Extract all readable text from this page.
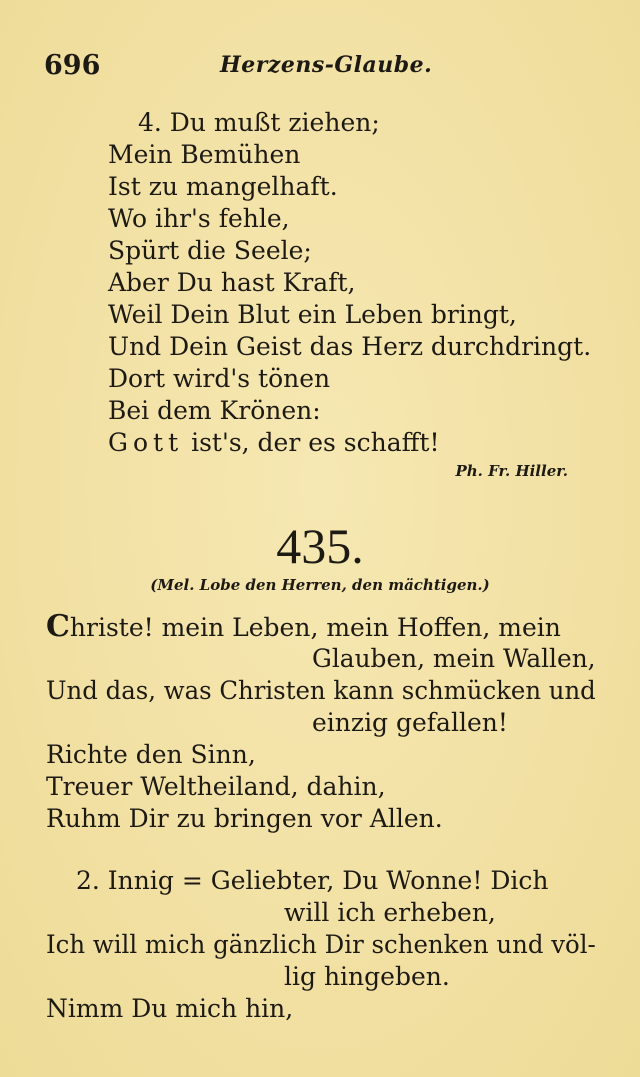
696	Herzens-Glaube.
4. Du mußt ziehen;
Mein Bemühen
Ist zu mangelhaft.
Wo ihr's fehle,
Spürt die Seele;
Aber Du hast Kraft,
Weil Dein Blut ein Leben bringt,
Und Dein Geist das Herz durchdringt.
Dort wird's tönen
Bei dem Krönen:
Gott ist's, der es schafft!
Ph. Fr. Hiller.
435.
(Mel. Lobe den Herren, den mächtigen.)
Christe! mein Leben, mein Hoffen, mein
Glauben, mein Wallen,
Und das, was Christen kann schmücken und
einzig gefallen!
Richte den Sinn,
Treuer Weltheiland, dahin,
Ruhm Dir zu bringen vor Allen.
2. Innig = Geliebter, Du Wonne! Dich
will ich erheben,
Ich will mich gänzlich Dir schenken und völ-
lig hingeben.
Nimm Du mich hin,
